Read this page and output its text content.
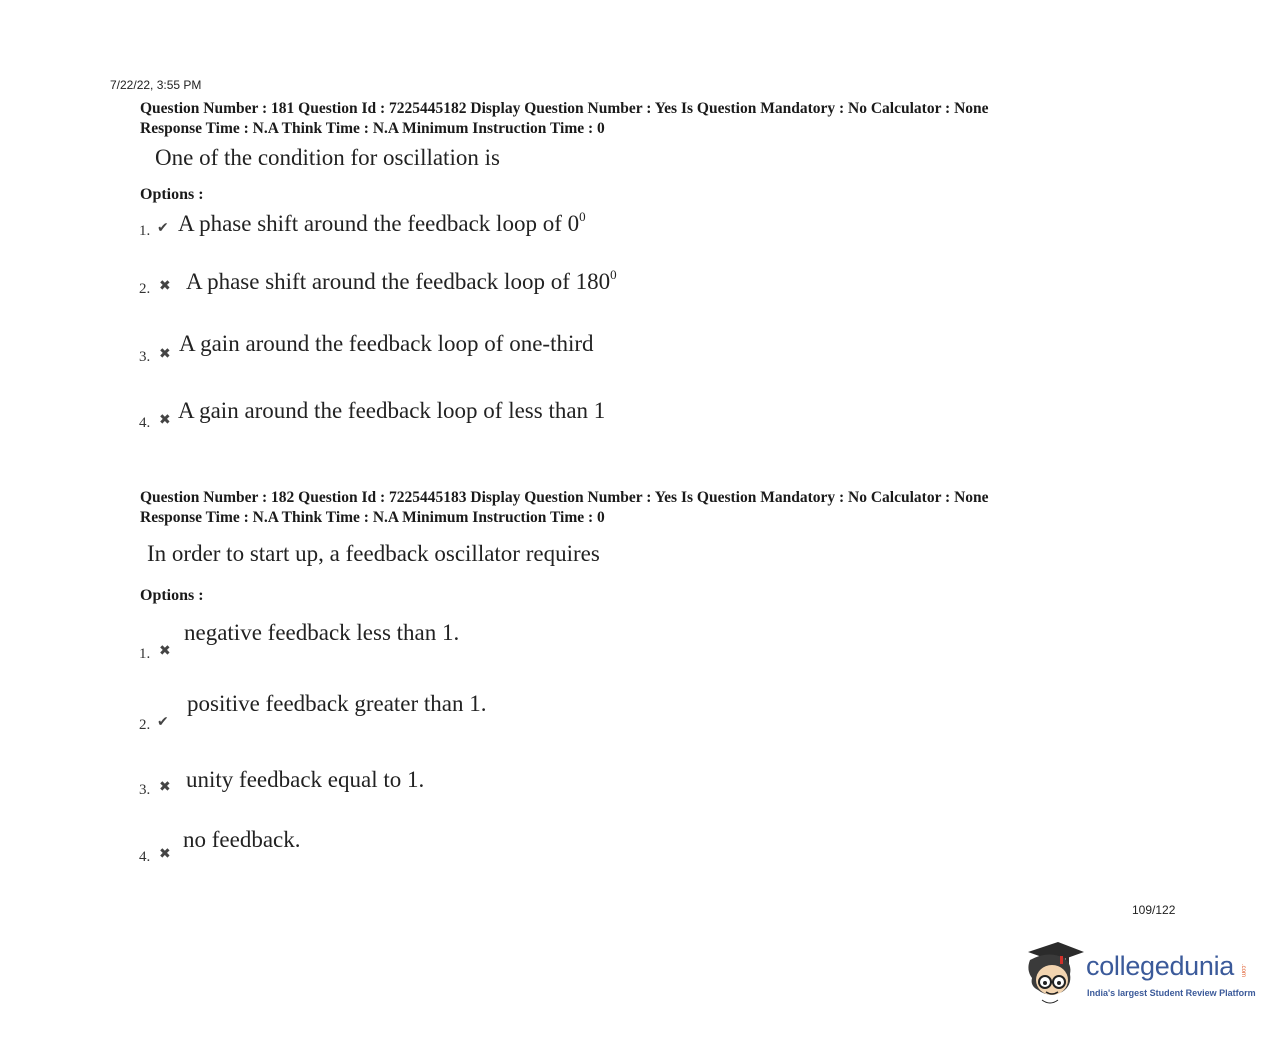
7/22/22, 3:55 PM
Question Number : 181 Question Id : 7225445182 Display Question Number : Yes Is Question Mandatory : No Calculator : None
Response Time : N.A Think Time : N.A Minimum Instruction Time : 0
One of the condition for oscillation is
Options :
1. ✔ A phase shift around the feedback loop of $0^0$
2. ✖ A phase shift around the feedback loop of $180^0$
3. ✖ A gain around the feedback loop of one-third
4. ✖ A gain around the feedback loop of less than 1
Question Number : 182 Question Id : 7225445183 Display Question Number : Yes Is Question Mandatory : No Calculator : None
Response Time : N.A Think Time : N.A Minimum Instruction Time : 0
In order to start up, a feedback oscillator requires
Options :
1. ✖
negative feedback less than 1.
2. ✔
positive feedback greater than 1.
3. ✖ unity feedback equal to 1.
4. ✖
no feedback.
109/122
collegedunia .com
India's largest Student Review Platform
